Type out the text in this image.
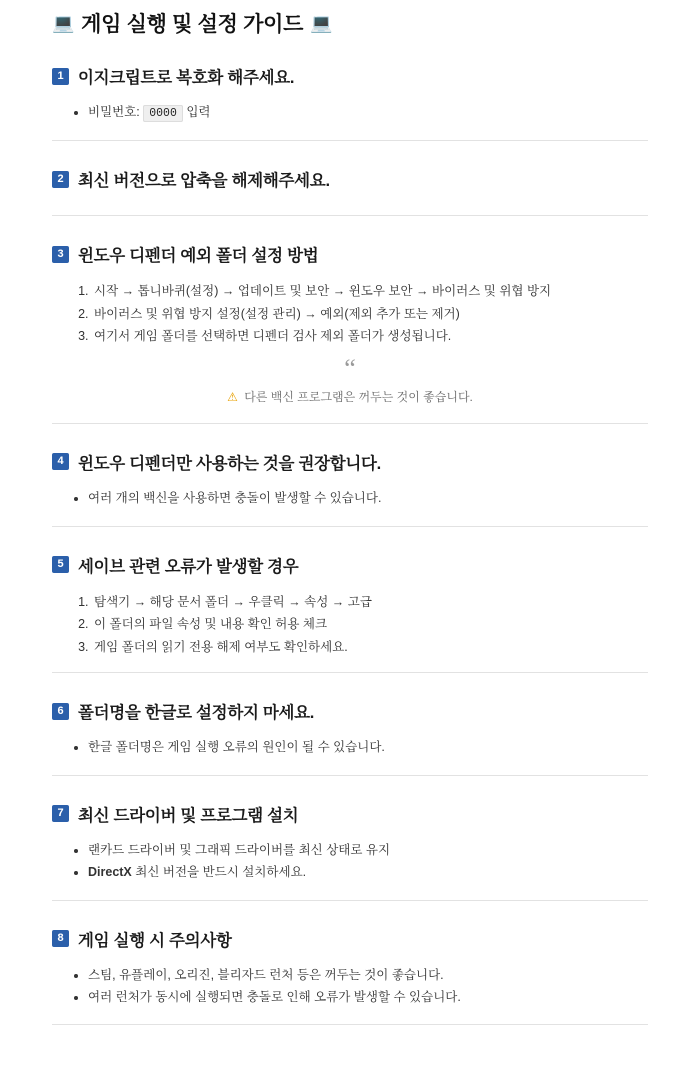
💻 게임 실행 및 설정 가이드 💻
1 이지크립트로 복호화 해주세요.
비밀번호: 0000 입력
2 최신 버전으로 압축을 해제해주세요.
3 윈도우 디펜더 예외 폴더 설정 방법
1. 시작 → 톱니바퀴(설정) → 업데이트 및 보안 → 윈도우 보안 → 바이러스 및 위협 방지
2. 바이러스 및 위협 방지 설정(설정 관리) → 예외(제외 추가 또는 제거)
3. 여기서 게임 폴더를 선택하면 디펜더 검사 제외 폴더가 생성됩니다.
“
⚠ 다른 백신 프로그램은 꺼두는 것이 좋습니다.
4 윈도우 디펜더만 사용하는 것을 권장합니다.
여러 개의 백신을 사용하면 충돌이 발생할 수 있습니다.
5 세이브 관련 오류가 발생할 경우
1. 탐색기 → 해당 문서 폴더 → 우클릭 → 속성 → 고급
2. 이 폴더의 파일 속성 및 내용 확인 허용 체크
3. 게임 폴더의 읽기 전용 해제 여부도 확인하세요.
6 폴더명을 한글로 설정하지 마세요.
한글 폴더명은 게임 실행 오류의 원인이 될 수 있습니다.
7 최신 드라이버 및 프로그램 설치
랜카드 드라이버 및 그래픽 드라이버를 최신 상태로 유지
DirectX 최신 버전을 반드시 설치하세요.
8 게임 실행 시 주의사항
스팀, 유플레이, 오리진, 블리자드 런처 등은 꺼두는 것이 좋습니다.
여러 런처가 동시에 실행되면 충돌로 인해 오류가 발생할 수 있습니다.
